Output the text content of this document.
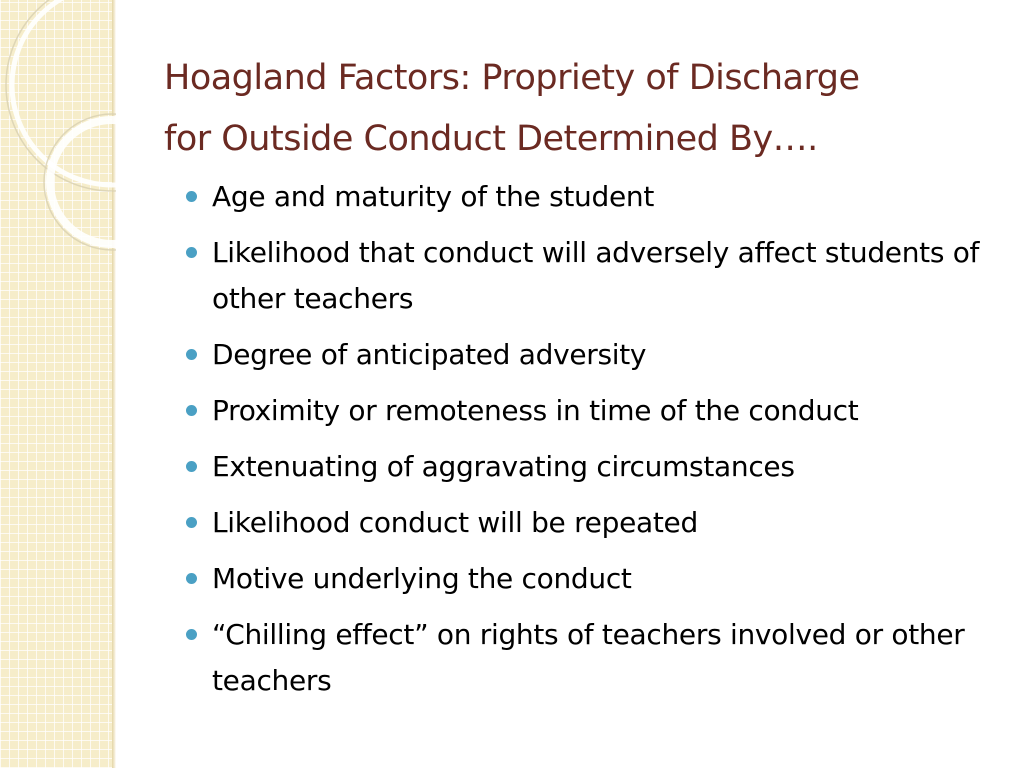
Hoagland Factors: Propriety of Discharge
for Outside Conduct Determined By….
Age and maturity of the student
Likelihood that conduct will adversely affect students of other teachers
Degree of anticipated adversity
Proximity or remoteness in time of the conduct
Extenuating of aggravating circumstances
Likelihood conduct will be repeated
Motive underlying the conduct
“Chilling effect” on rights of teachers involved or other teachers
